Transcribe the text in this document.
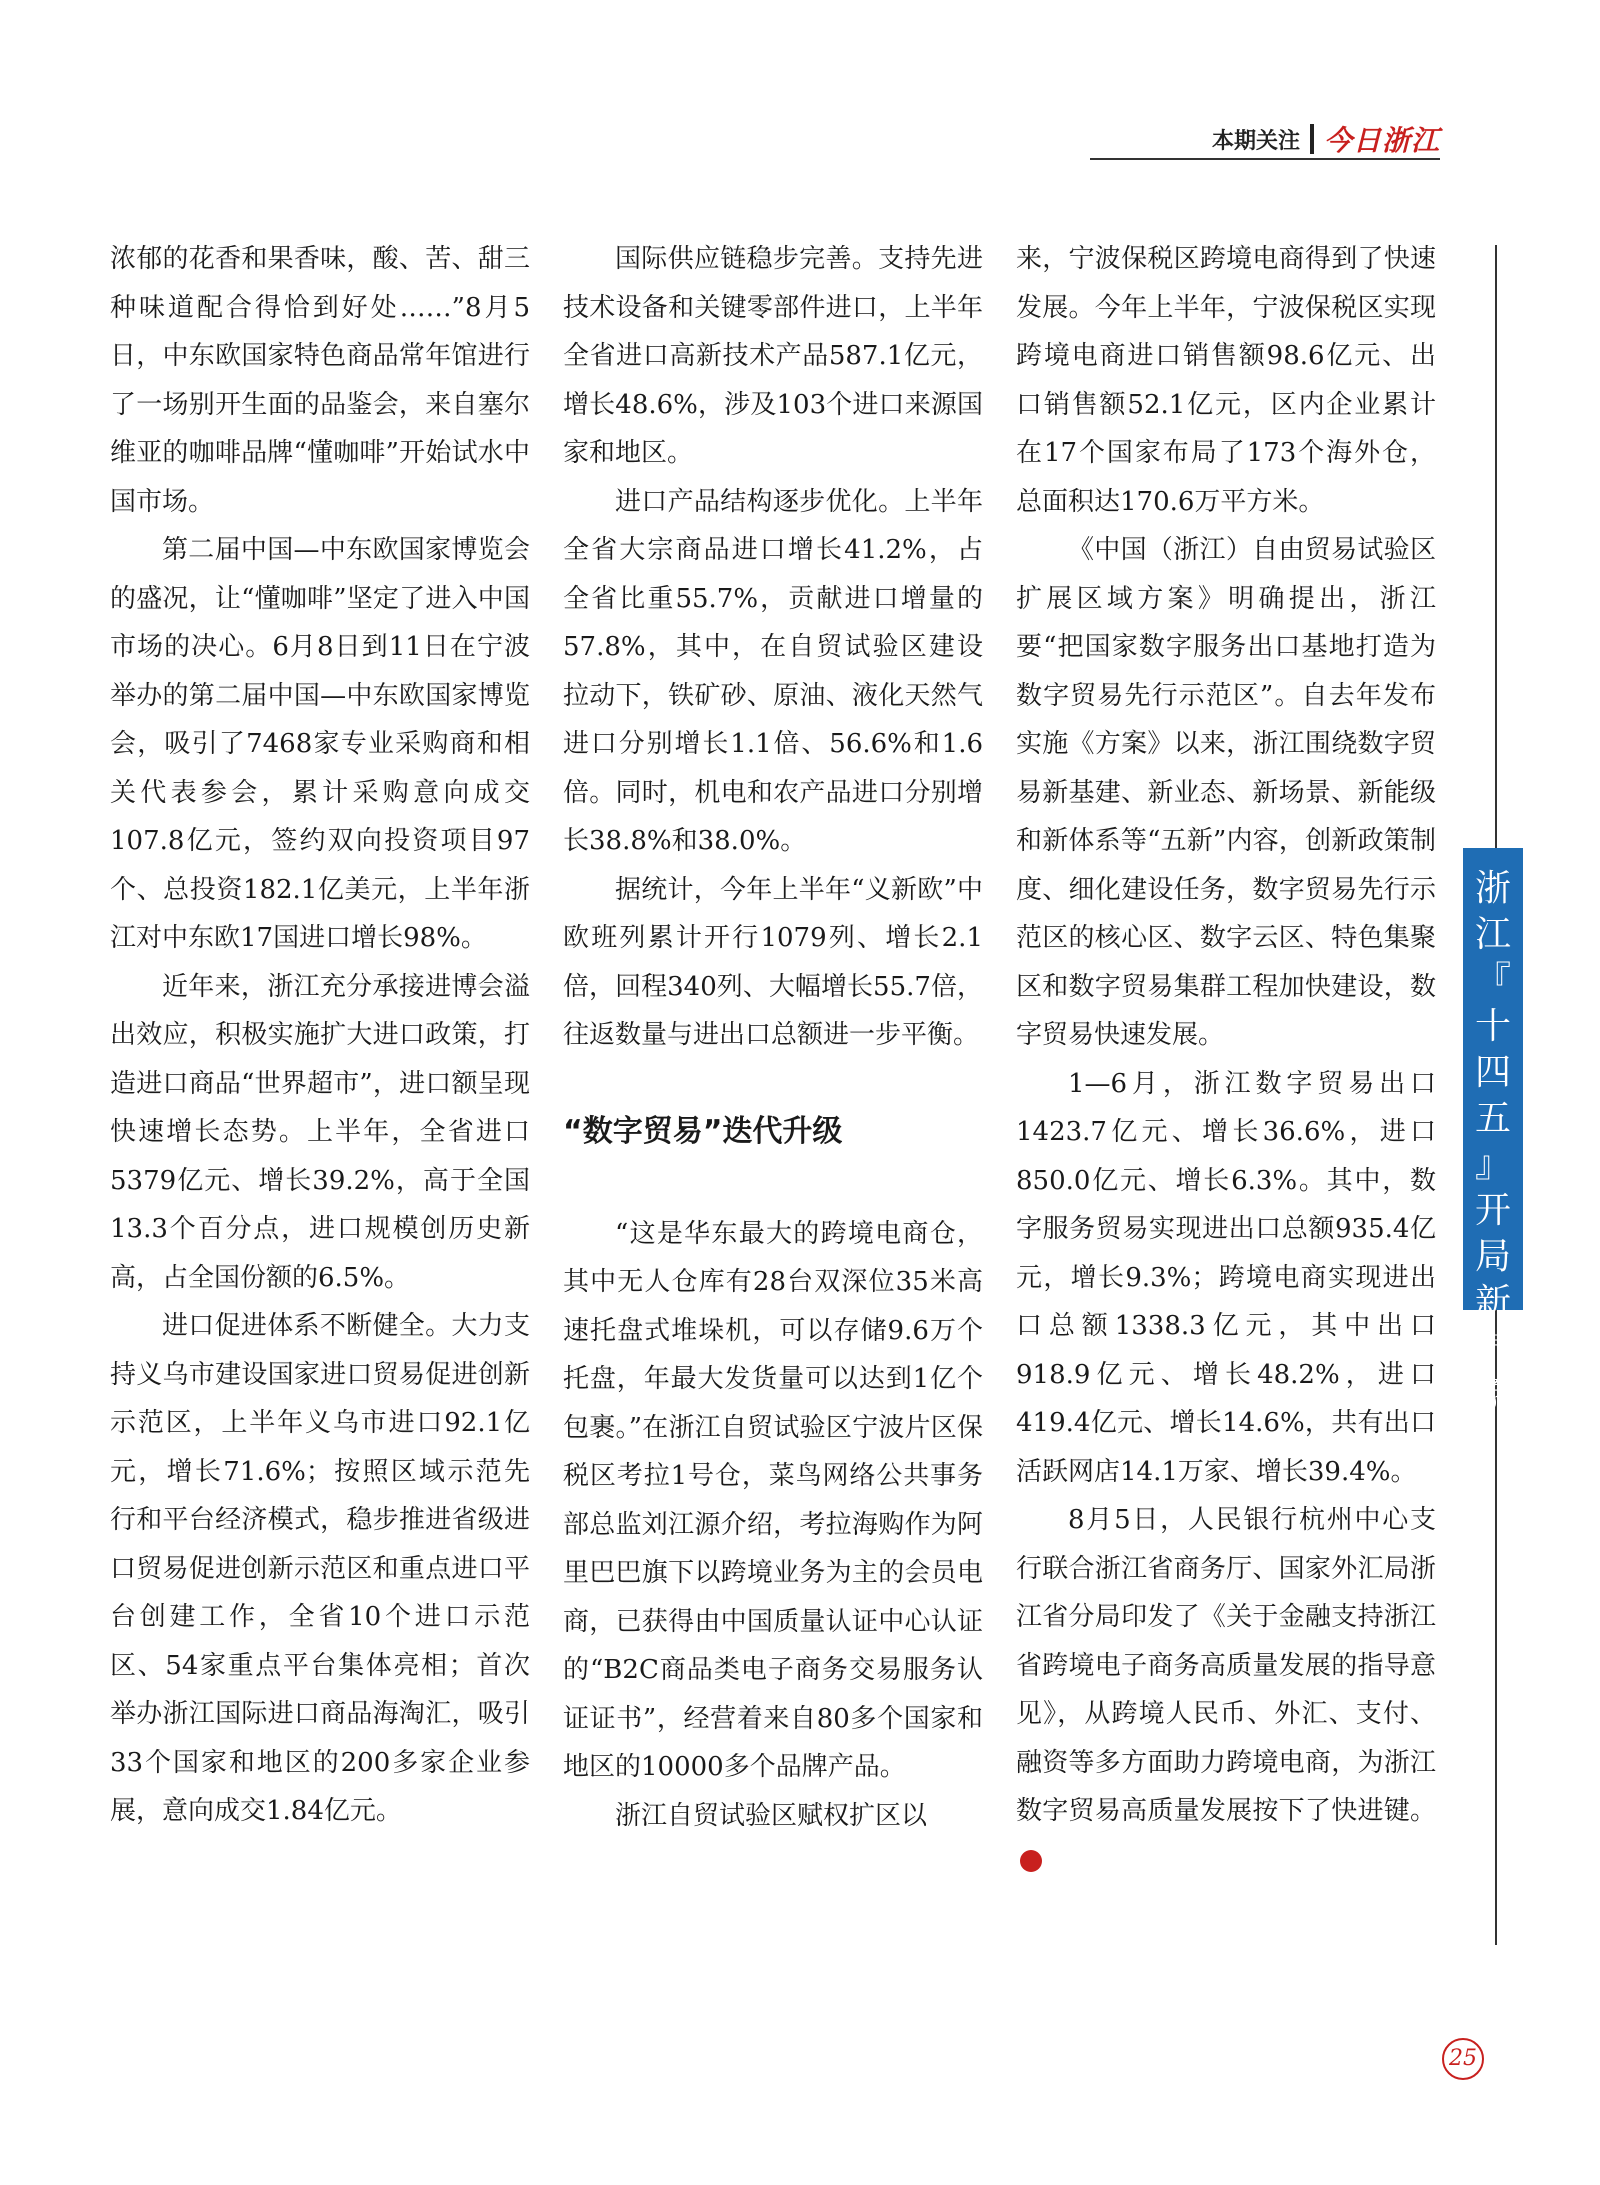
本期关注 今日浙江

浓郁的花香和果香味，酸、苦、甜三种味道配合得恰到好处……”8月5日，中东欧国家特色商品常年馆进行了一场别开生面的品鉴会，来自塞尔维亚的咖啡品牌“懂咖啡”开始试水中国市场。

第二届中国—中东欧国家博览会的盛况，让“懂咖啡”坚定了进入中国市场的决心。6月8日到11日在宁波举办的第二届中国—中东欧国家博览会，吸引了7468家专业采购商和相关代表参会，累计采购意向成交107.8亿元，签约双向投资项目97个、总投资182.1亿美元，上半年浙江对中东欧17国进口增长98%。

近年来，浙江充分承接进博会溢出效应，积极实施扩大进口政策，打造进口商品“世界超市”，进口额呈现快速增长态势。上半年，全省进口5379亿元、增长39.2%，高于全国13.3个百分点，进口规模创历史新高，占全国份额的6.5%。

进口促进体系不断健全。大力支持义乌市建设国家进口贸易促进创新示范区，上半年义乌市进口92.1亿元，增长71.6%；按照区域示范先行和平台经济模式，稳步推进省级进口贸易促进创新示范区和重点进口平台创建工作，全省10个进口示范区、54家重点平台集体亮相；首次举办浙江国际进口商品海淘汇，吸引33个国家和地区的200多家企业参展，意向成交1.84亿元。

国际供应链稳步完善。支持先进技术设备和关键零部件进口，上半年全省进口高新技术产品587.1亿元，增长48.6%，涉及103个进口来源国家和地区。

进口产品结构逐步优化。上半年全省大宗商品进口增长41.2%，占全省比重55.7%，贡献进口增量的57.8%，其中，在自贸试验区建设拉动下，铁矿砂、原油、液化天然气进口分别增长1.1倍、56.6%和1.6倍。同时，机电和农产品进口分别增长38.8%和38.0%。

据统计，今年上半年“义新欧”中欧班列累计开行1079列、增长2.1倍，回程340列、大幅增长55.7倍，往返数量与进出口总额进一步平衡。

“数字贸易”迭代升级

“这是华东最大的跨境电商仓，其中无人仓库有28台双深位35米高速托盘式堆垛机，可以存储9.6万个托盘，年最大发货量可以达到1亿个包裹。”在浙江自贸试验区宁波片区保税区考拉1号仓，菜鸟网络公共事务部总监刘江源介绍，考拉海购作为阿里巴巴旗下以跨境业务为主的会员电商，已获得由中国质量认证中心认证的“B2C商品类电子商务交易服务认证证书”，经营着来自80多个国家和地区的10000多个品牌产品。

浙江自贸试验区赋权扩区以

来，宁波保税区跨境电商得到了快速发展。今年上半年，宁波保税区实现跨境电商进口销售额98.6亿元、出口销售额52.1亿元，区内企业累计在17个国家布局了173个海外仓，总面积达170.6万平方米。

《中国（浙江）自由贸易试验区扩展区域方案》明确提出，浙江要“把国家数字服务出口基地打造为数字贸易先行示范区”。自去年发布实施《方案》以来，浙江围绕数字贸易新基建、新业态、新场景、新能级和新体系等“五新”内容，创新政策制度、细化建设任务，数字贸易先行示范区的核心区、数字云区、特色集聚区和数字贸易集群工程加快建设，数字贸易快速发展。

1—6月，浙江数字贸易出口1423.7亿元、增长36.6%，进口850.0亿元、增长6.3%。其中，数字服务贸易实现进出口总额935.4亿元，增长9.3%；跨境电商实现进出口总额1338.3亿元，其中出口918.9亿元、增长48.2%，进口419.4亿元、增长14.6%，共有出口活跃网店14.1万家、增长39.4%。

8月5日，人民银行杭州中心支行联合浙江省商务厅、国家外汇局浙江省分局印发了《关于金融支持浙江省跨境电子商务高质量发展的指导意见》，从跨境人民币、外汇、支付、融资等多方面助力跨境电商，为浙江数字贸易高质量发展按下了快进键。今

浙
江
『
十
四
五
』
开
局
新
气
象
25
